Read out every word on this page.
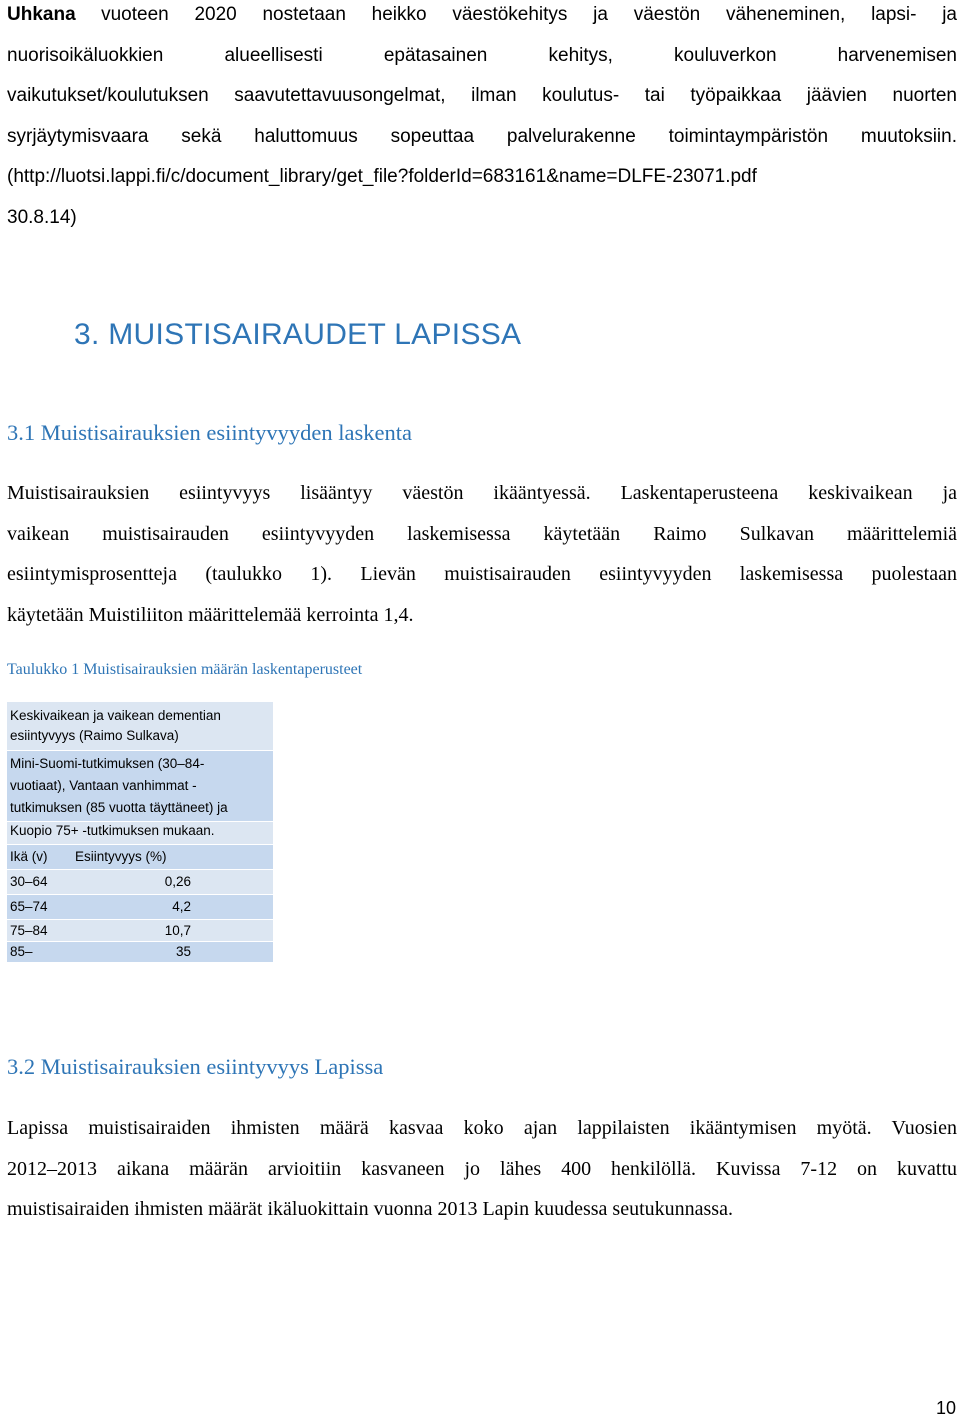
Uhkana vuoteen 2020 nostetaan heikko väestökehitys ja väestön väheneminen, lapsi- ja
nuorisoikäluokkien alueellisesti epätasainen kehitys, kouluverkon harvenemisen
vaikutukset/koulutuksen saavutettavuusongelmat, ilman koulutus- tai työpaikkaa jäävien nuorten
syrjäytymisvaara sekä haluttomuus sopeuttaa palvelurakenne toimintaympäristön muutoksiin.
(http://luotsi.lappi.fi/c/document_library/get_file?folderId=683161&name=DLFE-23071.pdf
30.8.14)
3. MUISTISAIRAUDET LAPISSA
3.1 Muistisairauksien esiintyvyyden laskenta
Muistisairauksien esiintyvyys lisääntyy väestön ikääntyessä. Laskentaperusteena keskivaikean ja
vaikean muistisairauden esiintyvyyden laskemisessa käytetään Raimo Sulkavan määrittelemiä
esiintymisprosentteja (taulukko 1). Lievän muistisairauden esiintyvyyden laskemisessa puolestaan
käytetään Muistiliiton määrittelemää kerrointa 1,4.

Taulukko 1 Muistisairauksien määrän laskentaperusteet

Keskivaikean ja vaikean dementian
esiintyvyys (Raimo Sulkava)
Mini-Suomi-tutkimuksen (30–84-
vuotiaat), Vantaan vanhimmat -
tutkimuksen (85 vuotta täyttäneet) ja
Kuopio 75+ -tutkimuksen mukaan.
Ikä (v) Esiintyvyys (%)
30–64	0,26
65–74	4,2
75–84	10,7
85–	35
3.2 Muistisairauksien esiintyvyys Lapissa
Lapissa muistisairaiden ihmisten määrä kasvaa koko ajan lappilaisten ikääntymisen myötä. Vuosien
2012–2013 aikana määrän arvioitiin kasvaneen jo lähes 400 henkilöllä. Kuvissa 7-12 on kuvattu
muistisairaiden ihmisten määrät ikäluokittain vuonna 2013 Lapin kuudessa seutukunnassa.

10
